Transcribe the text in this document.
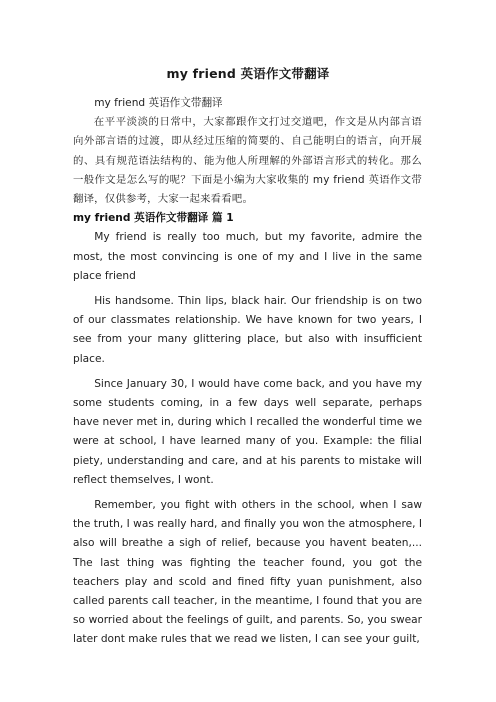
my friend 英语作文带翻译

my friend 英语作文带翻译

在平平淡淡的日常中，大家都跟作文打过交道吧，作文是从内部言语向外部言语的过渡，即从经过压缩的简要的、自己能明白的语言，向开展的、具有规范语法结构的、能为他人所理解的外部语言形式的转化。那么一般作文是怎么写的呢？下面是小编为大家收集的 my friend 英语作文带翻译，仅供参考，大家一起来看看吧。

my friend 英语作文带翻译 篇 1

My friend is really too much, but my favorite, admire the most, the most convincing is one of my and I live in the same place friend

His handsome. Thin lips, black hair. Our friendship is on two of our classmates relationship. We have known for two years, I see from your many glittering place, but also with insufficient place.

Since January 30, I would have come back, and you have my some students coming, in a few days well separate, perhaps have never met in, during which I recalled the wonderful time we were at school, I have learned many of you. Example: the filial piety, understanding and care, and at his parents to mistake will reflect themselves, I wont.

Remember, you fight with others in the school, when I saw the truth, I was really hard, and finally you won the atmosphere, I also will breathe a sigh of relief, because you havent beaten,... The last thing was fighting the teacher found, you got the teachers play and scold and fined fifty yuan punishment, also called parents call teacher, in the meantime, I found that you are so worried about the feelings of guilt, and parents. So, you swear later dont make rules that we read we listen, I can see your guilt,
